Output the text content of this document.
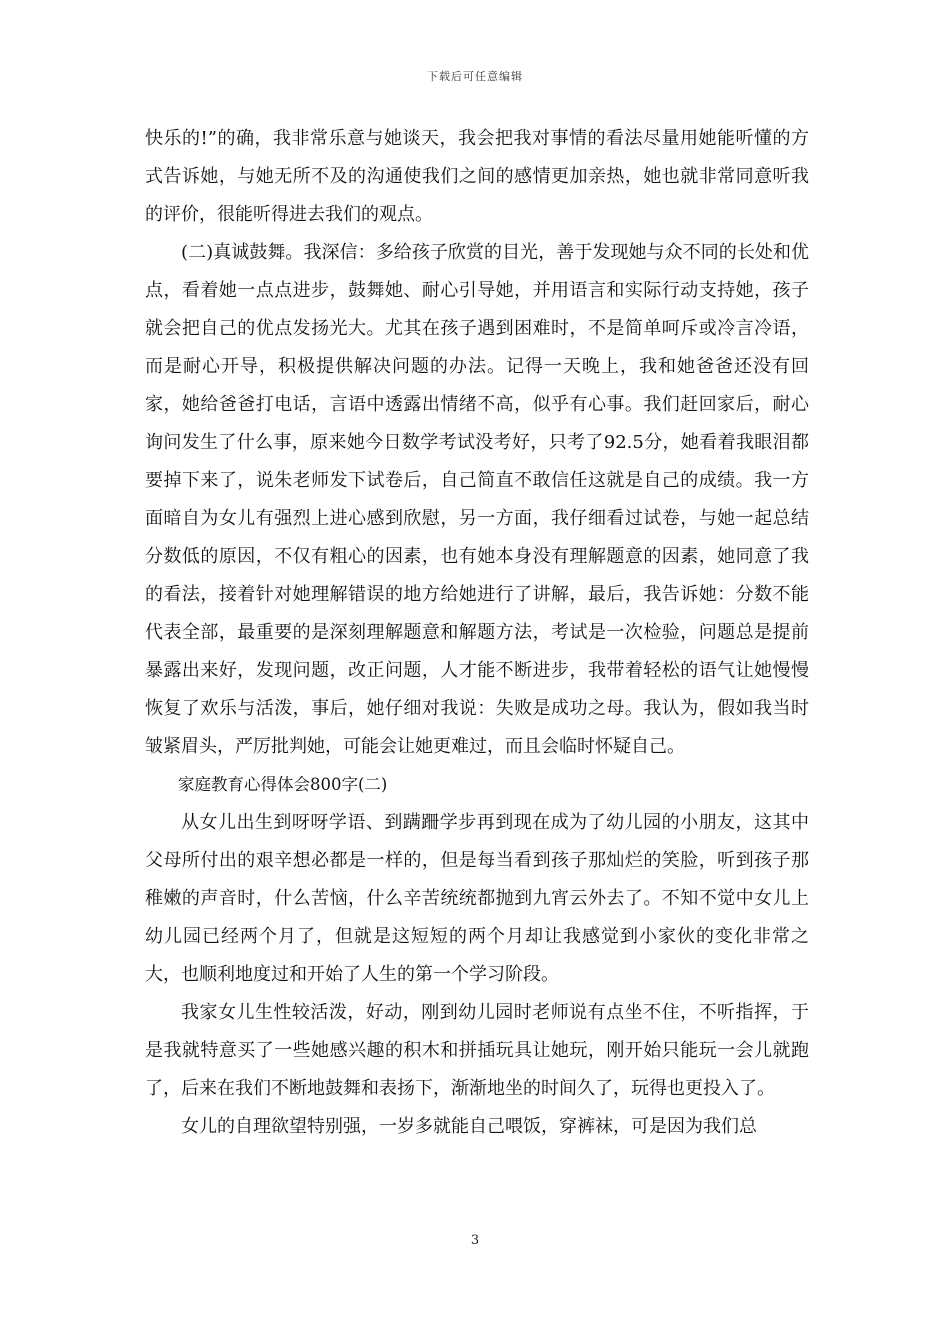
下载后可任意编辑

快乐的!”的确，我非常乐意与她谈天，我会把我对事情的看法尽量用她能听懂的方式告诉她，与她无所不及的沟通使我们之间的感情更加亲热，她也就非常同意听我的评价，很能听得进去我们的观点。

(二)真诚鼓舞。我深信：多给孩子欣赏的目光，善于发现她与众不同的长处和优点，看着她一点点进步，鼓舞她、耐心引导她，并用语言和实际行动支持她，孩子就会把自己的优点发扬光大。尤其在孩子遇到困难时，不是简单呵斥或冷言冷语，而是耐心开导，积极提供解决问题的办法。记得一天晚上，我和她爸爸还没有回家，她给爸爸打电话，言语中透露出情绪不高，似乎有心事。我们赶回家后，耐心询问发生了什么事，原来她今日数学考试没考好，只考了92.5分，她看着我眼泪都要掉下来了，说朱老师发下试卷后，自己简直不敢信任这就是自己的成绩。我一方面暗自为女儿有强烈上进心感到欣慰，另一方面，我仔细看过试卷，与她一起总结分数低的原因，不仅有粗心的因素，也有她本身没有理解题意的因素，她同意了我的看法，接着针对她理解错误的地方给她进行了讲解，最后，我告诉她：分数不能代表全部，最重要的是深刻理解题意和解题方法，考试是一次检验，问题总是提前暴露出来好，发现问题，改正问题，人才能不断进步，我带着轻松的语气让她慢慢恢复了欢乐与活泼，事后，她仔细对我说：失败是成功之母。我认为，假如我当时皱紧眉头，严厉批判她，可能会让她更难过，而且会临时怀疑自己。

家庭教育心得体会800字(二)

从女儿出生到呀呀学语、到蹒跚学步再到现在成为了幼儿园的小朋友，这其中父母所付出的艰辛想必都是一样的，但是每当看到孩子那灿烂的笑脸，听到孩子那稚嫩的声音时，什么苦恼，什么辛苦统统都抛到九宵云外去了。不知不觉中女儿上幼儿园已经两个月了，但就是这短短的两个月却让我感觉到小家伙的变化非常之大，也顺利地度过和开始了人生的第一个学习阶段。

我家女儿生性较活泼，好动，刚到幼儿园时老师说有点坐不住，不听指挥，于是我就特意买了一些她感兴趣的积木和拼插玩具让她玩，刚开始只能玩一会儿就跑了，后来在我们不断地鼓舞和表扬下，渐渐地坐的时间久了，玩得也更投入了。

女儿的自理欲望特别强，一岁多就能自己喂饭，穿裤袜，可是因为我们总

3
